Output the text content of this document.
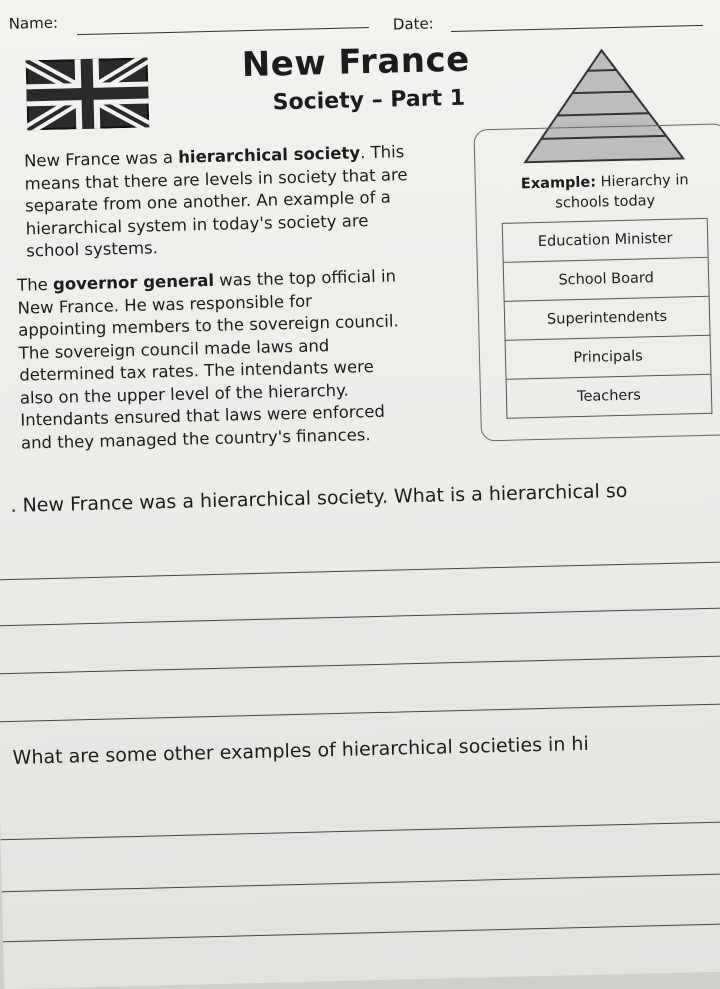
Name:	Date:
New France
Society – Part 1
New France was a hierarchical society. This
means that there are levels in society that are
separate from one another. An example of a
hierarchical system in today's society are
school systems.
The governor general was the top official in
New France. He was responsible for
appointing members to the sovereign council.
The sovereign council made laws and
determined tax rates. The intendants were
also on the upper level of the hierarchy.
Intendants ensured that laws were enforced
and they managed the country's finances.
Example: Hierarchy in
schools today
Education Minister
School Board
Superintendents
Principals
Teachers
. New France was a hierarchical society. What is a hierarchical so
What are some other examples of hierarchical societies in hi
